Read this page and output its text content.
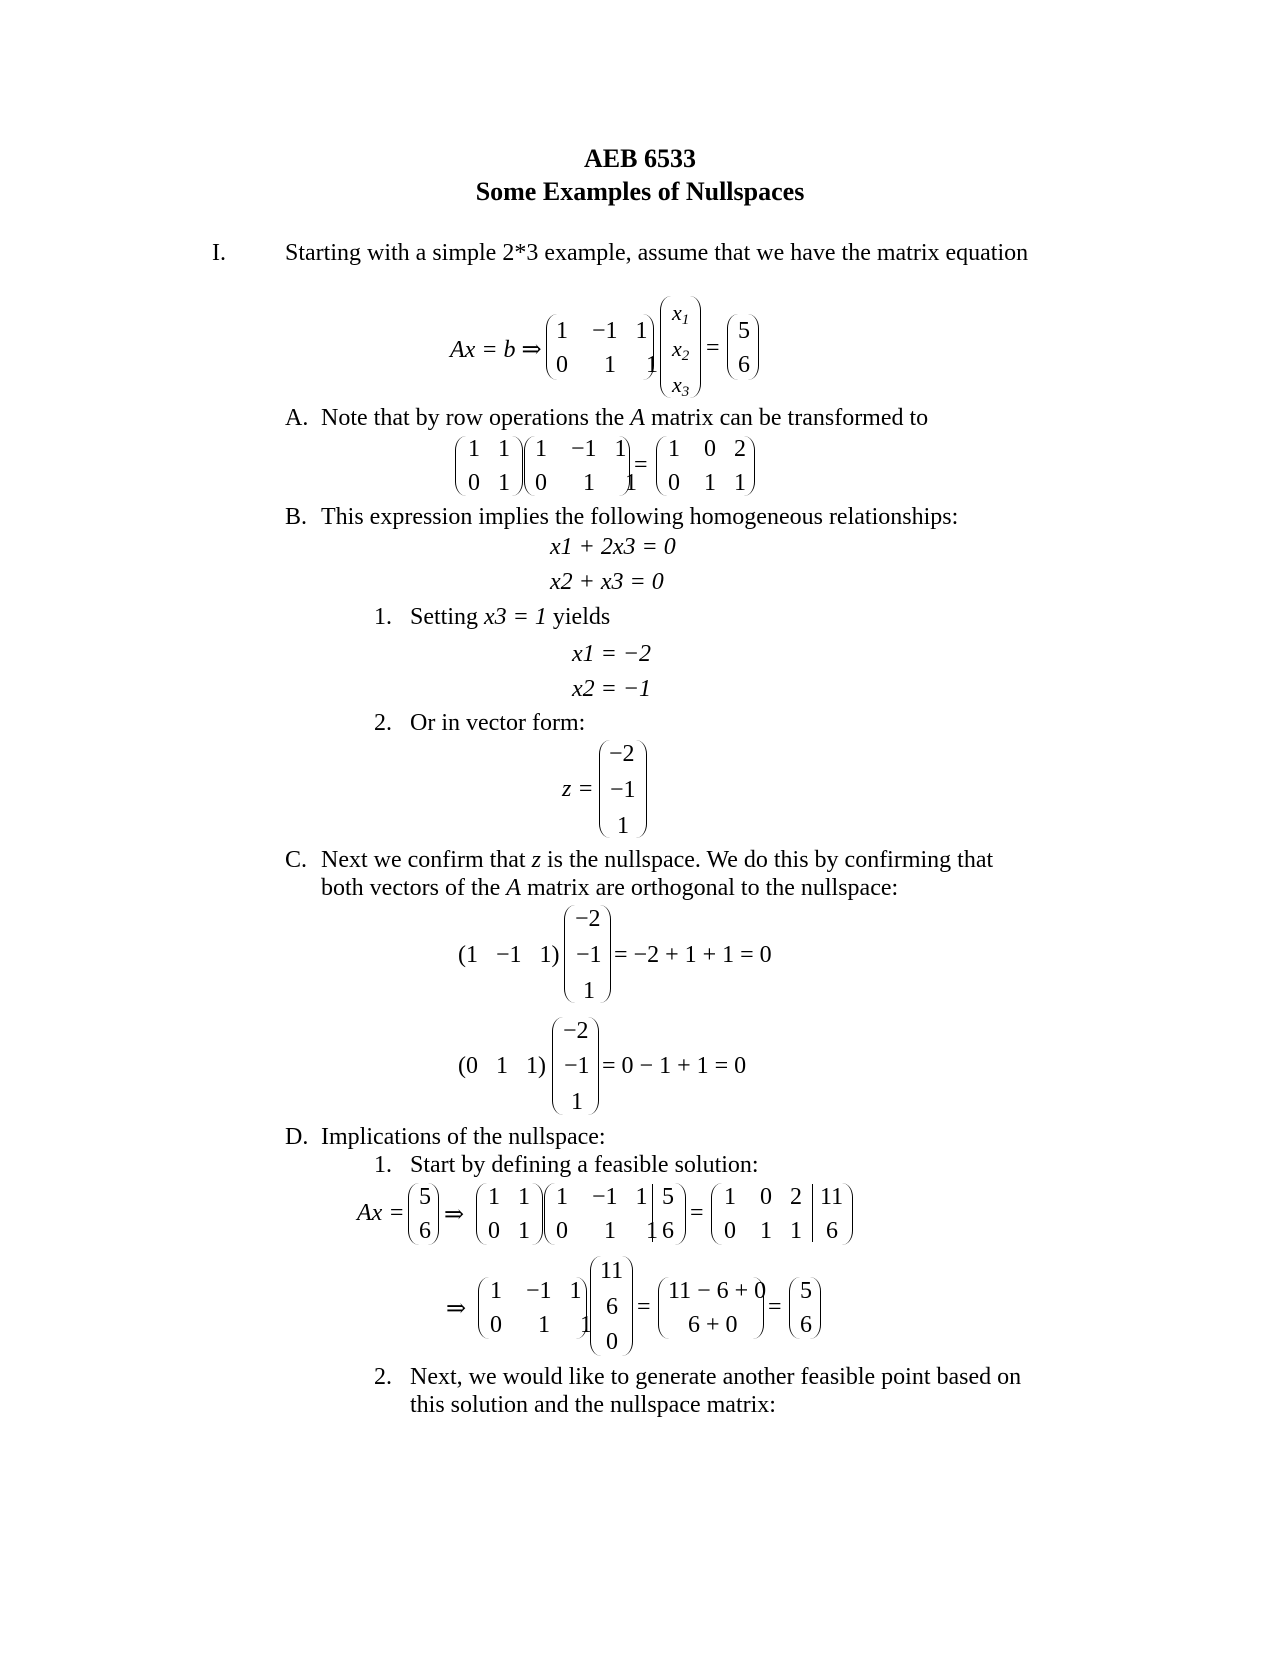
AEB 6533
Some Examples of Nullspaces
I. Starting with a simple 2*3 example, assume that we have the matrix equation
Ax = b ⇒
1 −1 1
0 1 1
$x_1$
$x_2$
$x_3$
=
5
6
A. Note that by row operations the A matrix can be transformed to
1 1
0 1
1 −1 1
0 1 1
=
1 0 2
0 1 1
B. This expression implies the following homogeneous relationships:
x1 + 2x3 = 0
x2 + x3 = 0
1. Setting x3 = 1 yields
x1 = −2
x2 = −1
2. Or in vector form:
z =
−2
−1
1
C. Next we confirm that z is the nullspace. We do this by confirming that
both vectors of the A matrix are orthogonal to the nullspace:
(1 −1 1)
−2
−1
1
= −2 + 1 + 1 = 0
(0 1 1)
−2
−1
1
= 0 − 1 + 1 = 0
D. Implications of the nullspace:
1. Start by defining a feasible solution:
Ax =
5
6
⇒
1 1
0 1
1 −1 1
0 1 1
5
6
=
1 0 2
0 1 1
11
6
⇒
1 −1 1
0 1 1
11
6
0
=
11 − 6 + 0
6 + 0
=
5
6
2. Next, we would like to generate another feasible point based on
this solution and the nullspace matrix:
